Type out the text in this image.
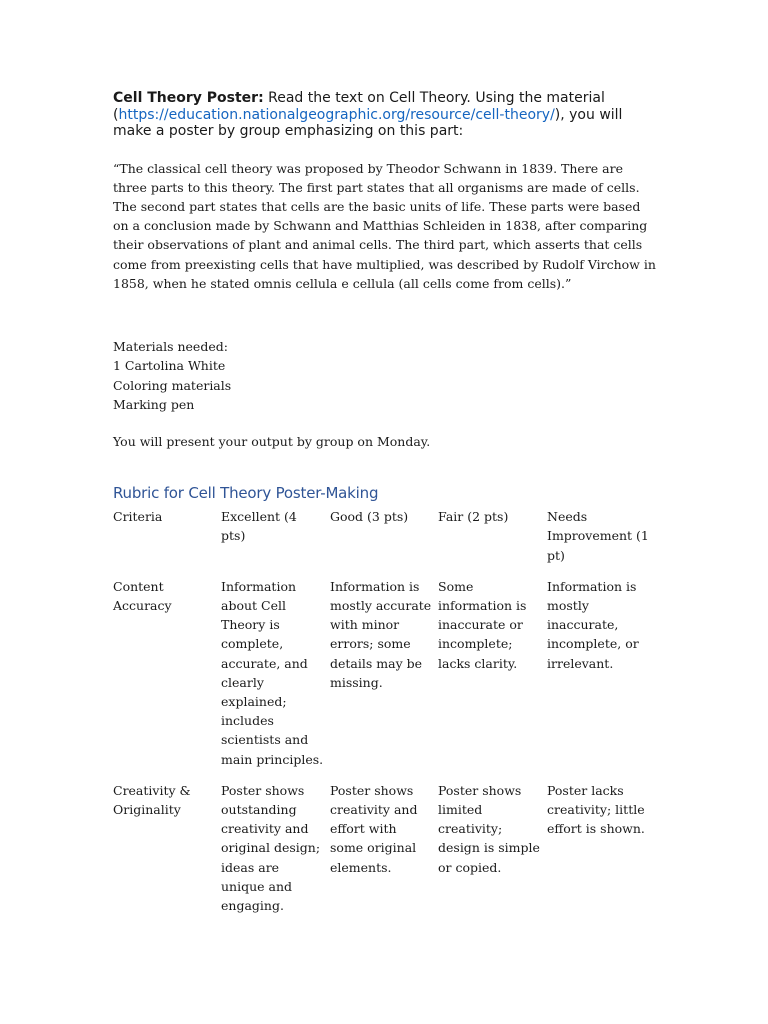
Cell Theory Poster: Read the text on Cell Theory. Using the material (https://education.nationalgeographic.org/resource/cell-theory/), you will make a poster by group emphasizing on this part:

“The classical cell theory was proposed by Theodor Schwann in 1839. There are three parts to this theory. The first part states that all organisms are made of cells. The second part states that cells are the basic units of life. These parts were based on a conclusion made by Schwann and Matthias Schleiden in 1838, after comparing their observations of plant and animal cells. The third part, which asserts that cells come from preexisting cells that have multiplied, was described by Rudolf Virchow in 1858, when he stated omnis cellula e cellula (all cells come from cells).”

Materials needed:
1 Cartolina White
Coloring materials
Marking pen

You will present your output by group on Monday.

Rubric for Cell Theory Poster-Making
Criteria	Excellent (4 pts)	Good (3 pts)	Fair (2 pts)	Needs Improvement (1 pt)
Content Accuracy	Information about Cell Theory is complete, accurate, and clearly explained; includes scientists and main principles.	Information is mostly accurate with minor errors; some details may be missing.	Some information is inaccurate or incomplete; lacks clarity.	Information is mostly inaccurate, incomplete, or irrelevant.
Creativity & Originality	Poster shows outstanding creativity and original design; ideas are unique and engaging.	Poster shows creativity and effort with some original elements.	Poster shows limited creativity; design is simple or copied.	Poster lacks creativity; little effort is shown.
